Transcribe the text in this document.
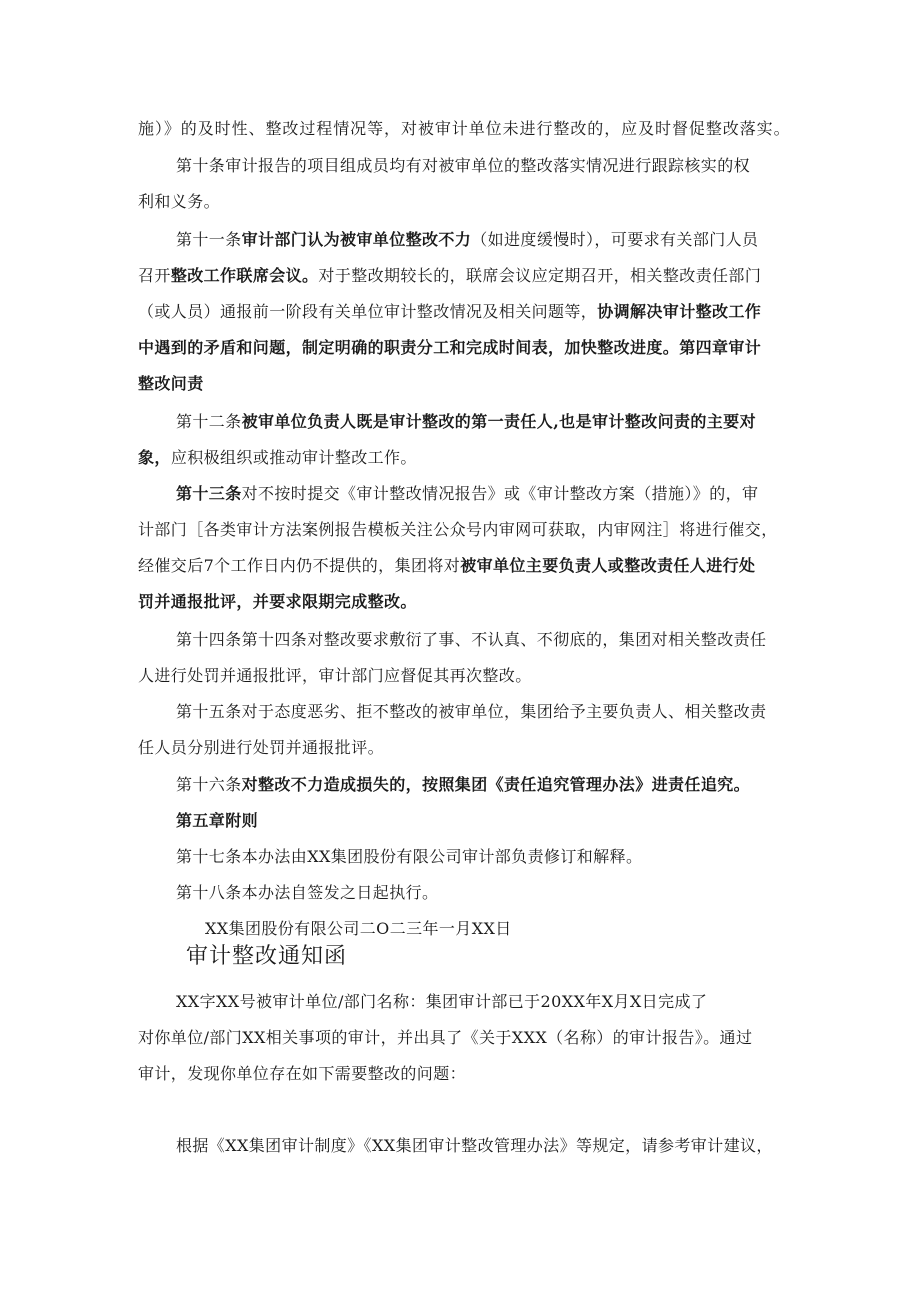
施）》的及时性、整改过程情况等，对被审计单位未进行整改的，应及时督促整改落实。
第十条审计报告的项目组成员均有对被审单位的整改落实情况进行跟踪核实的权
利和义务。
第十一条审计部门认为被审单位整改不力（如进度缓慢时），可要求有关部门人员
召开整改工作联席会议。对于整改期较长的，联席会议应定期召开，相关整改责任部门
（或人员）通报前一阶段有关单位审计整改情况及相关问题等，协调解决审计整改工作
中遇到的矛盾和问题，制定明确的职责分工和完成时间表，加快整改进度。第四章审计
整改问责
第十二条被审单位负责人既是审计整改的第一责任人,也是审计整改问责的主要对
象，应积极组织或推动审计整改工作。
第十三条对不按时提交《审计整改情况报告》或《审计整改方案（措施）》的，审
计部门［各类审计方法案例报告模板关注公众号内审网可获取，内审网注］将进行催交，
经催交后7个工作日内仍不提供的，集团将对被审单位主要负责人或整改责任人进行处
罚并通报批评，并要求限期完成整改。
第十四条第十四条对整改要求敷衍了事、不认真、不彻底的，集团对相关整改责任
人进行处罚并通报批评，审计部门应督促其再次整改。
第十五条对于态度恶劣、拒不整改的被审单位，集团给予主要负责人、相关整改责
任人员分别进行处罚并通报批评。
第十六条对整改不力造成损失的，按照集团《责任追究管理办法》进责任追究。
第五章附则
第十七条本办法由XX集团股份有限公司审计部负责修订和解释。
第十八条本办法自签发之日起执行。
XX集团股份有限公司二O二三年一月XX日
审计整改通知函
XX字XX号被审计单位/部门名称：集团审计部已于20XX年X月X日完成了
对你单位/部门XX相关事项的审计，并出具了《关于XXX（名称）的审计报告》。通过
审计，发现你单位存在如下需要整改的问题：
根据《XX集团审计制度》《XX集团审计整改管理办法》等规定，请参考审计建议，
